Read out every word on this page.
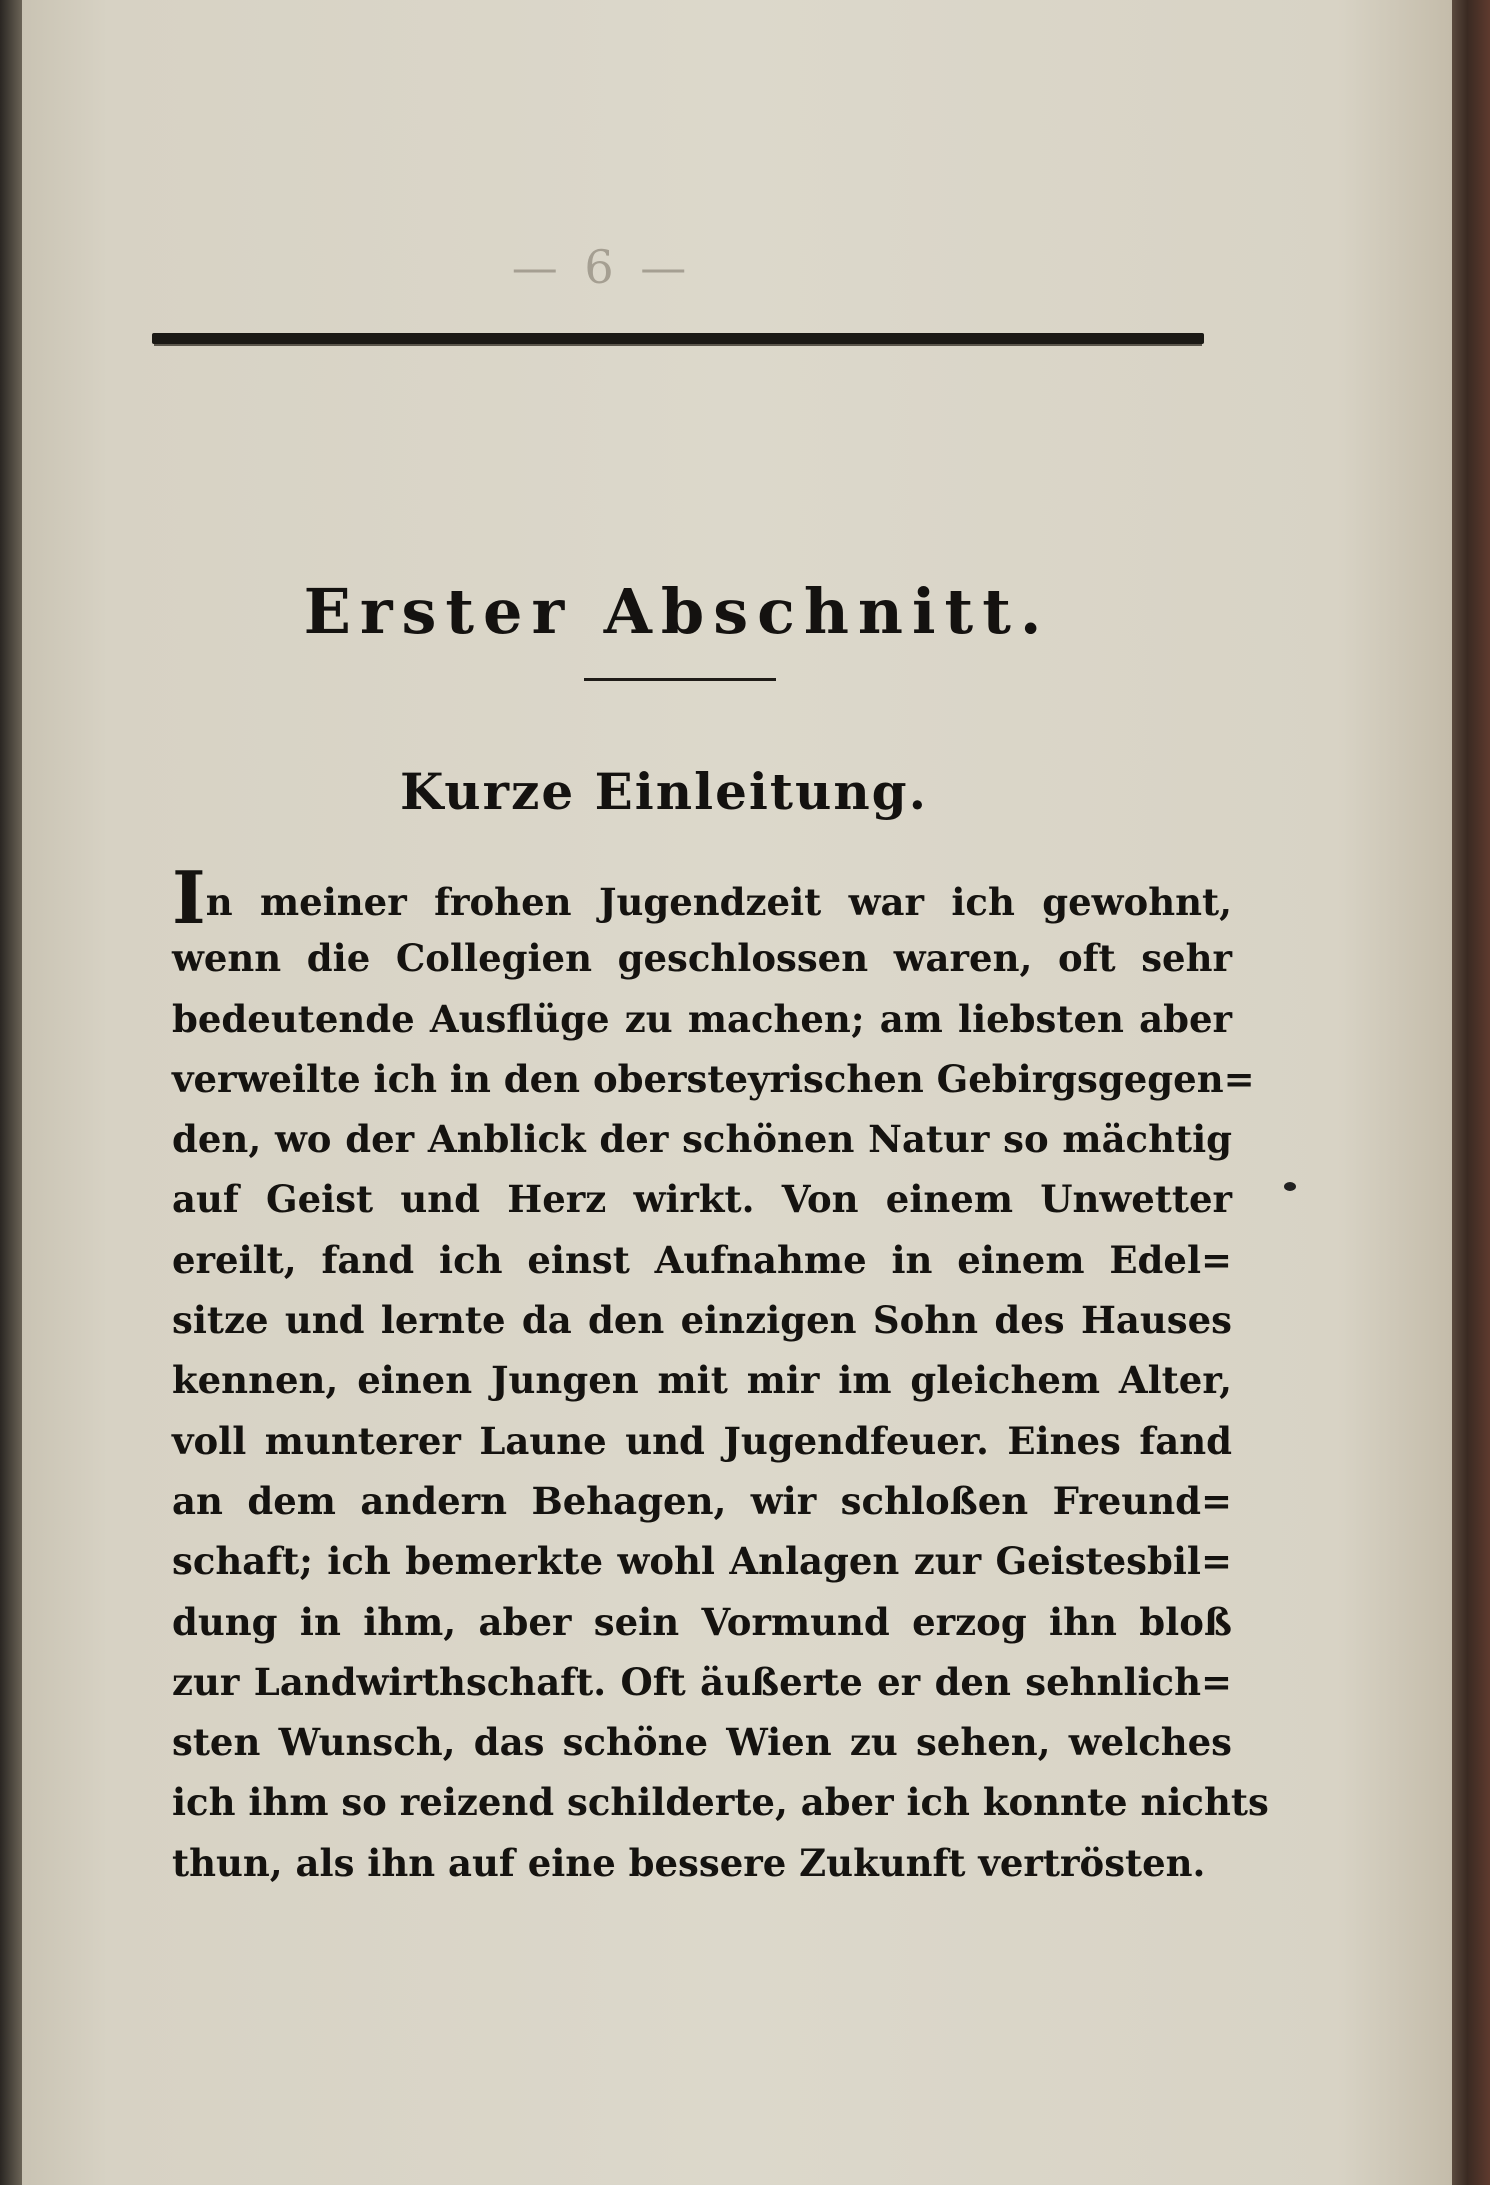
— 6 —
Erster Abschnitt.
Kurze Einleitung.
In meiner frohen Jugendzeit war ich gewohnt,
wenn die Collegien geschlossen waren, oft sehr
bedeutende Ausflüge zu machen; am liebsten aber
verweilte ich in den obersteyrischen Gebirgsgegen=
den, wo der Anblick der schönen Natur so mächtig
auf Geist und Herz wirkt. Von einem Unwetter
ereilt, fand ich einst Aufnahme in einem Edel=
sitze und lernte da den einzigen Sohn des Hauses
kennen, einen Jungen mit mir im gleichem Alter,
voll munterer Laune und Jugendfeuer. Eines fand
an dem andern Behagen, wir schloßen Freund=
schaft; ich bemerkte wohl Anlagen zur Geistesbil=
dung in ihm, aber sein Vormund erzog ihn bloß
zur Landwirthschaft. Oft äußerte er den sehnlich=
sten Wunsch, das schöne Wien zu sehen, welches
ich ihm so reizend schilderte, aber ich konnte nichts
thun, als ihn auf eine bessere Zukunft vertrösten.
